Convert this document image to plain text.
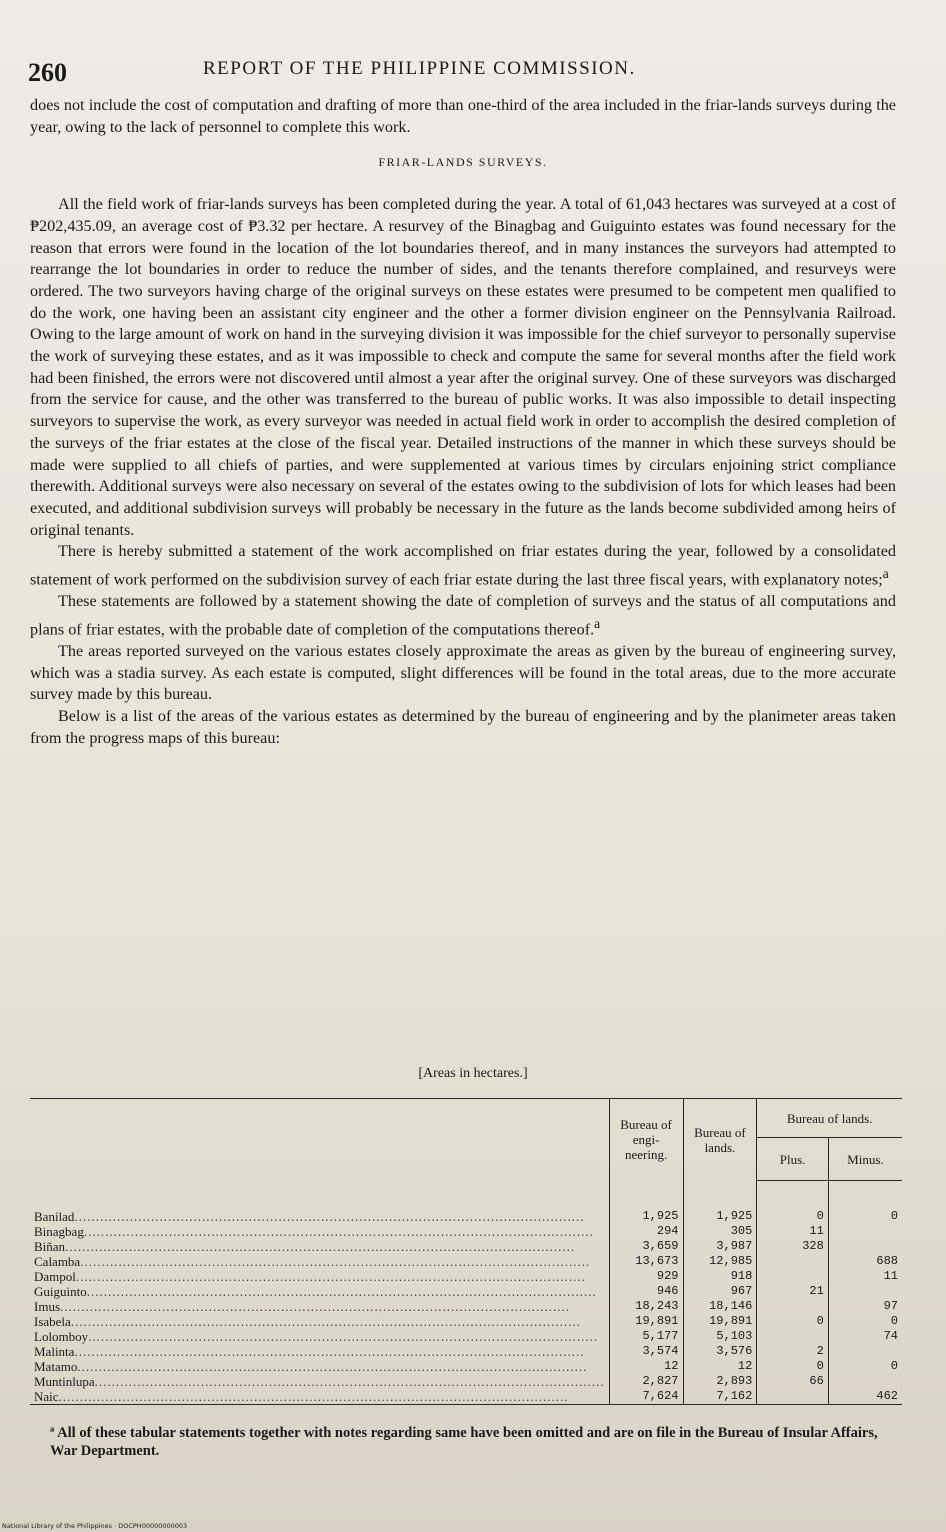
260	REPORT OF THE PHILIPPINE COMMISSION.

does not include the cost of computation and drafting of more than one-third of the area included in the friar-lands surveys during the year, owing to the lack of personnel to complete this work.

FRIAR-LANDS SURVEYS.

All the field work of friar-lands surveys has been completed during the year. A total of 61,043 hectares was surveyed at a cost of ₱202,435.09, an average cost of ₱3.32 per hectare. A resurvey of the Binagbag and Guiguinto estates was found necessary for the reason that errors were found in the location of the lot boundaries thereof, and in many instances the surveyors had attempted to rearrange the lot boundaries in order to reduce the number of sides, and the tenants therefore complained, and resurveys were ordered. The two surveyors having charge of the original surveys on these estates were presumed to be competent men qualified to do the work, one having been an assistant city engineer and the other a former division engineer on the Pennsylvania Railroad. Owing to the large amount of work on hand in the surveying division it was impossible for the chief surveyor to personally supervise the work of surveying these estates, and as it was impossible to check and compute the same for several months after the field work had been finished, the errors were not discovered until almost a year after the original survey. One of these surveyors was discharged from the service for cause, and the other was transferred to the bureau of public works. It was also impossible to detail inspecting surveyors to supervise the work, as every surveyor was needed in actual field work in order to accomplish the desired completion of the surveys of the friar estates at the close of the fiscal year. Detailed instructions of the manner in which these surveys should be made were supplied to all chiefs of parties, and were supplemented at various times by circulars enjoining strict compliance therewith. Additional surveys were also necessary on several of the estates owing to the subdivision of lots for which leases had been executed, and additional subdivision surveys will probably be necessary in the future as the lands become subdivided among heirs of original tenants.

There is hereby submitted a statement of the work accomplished on friar estates during the year, followed by a consolidated statement of work performed on the subdivision survey of each friar estate during the last three fiscal years, with explanatory notes;$^a$

These statements are followed by a statement showing the date of completion of surveys and the status of all computations and plans of friar estates, with the probable date of completion of the computations thereof.$^a$

The areas reported surveyed on the various estates closely approximate the areas as given by the bureau of engineering survey, which was a stadia survey. As each estate is computed, slight differences will be found in the total areas, due to the more accurate survey made by this bureau.

Below is a list of the areas of the various estates as determined by the bureau of engineering and by the planimeter areas taken from the progress maps of this bureau:

[Areas in hectares.]
	Bureau of engi- neering.	Bureau of lands.	Bureau of lands.	
			Plus.	Minus.

Banilad........................................................................................................................	1,925	1,925	0	0
Binagbag........................................................................................................................	294	305	11	
Biñan........................................................................................................................	3,659	3,987	328	
Calamba........................................................................................................................	13,673	12,985		688
Dampol........................................................................................................................	929	918		11
Guiguinto........................................................................................................................	946	967	21	
Imus........................................................................................................................	18,243	18,146		97
Isabela........................................................................................................................	19,891	19,891	0	0
Lolomboy........................................................................................................................	5,177	5,103		74
Malinta........................................................................................................................	3,574	3,576	2	
Matamo........................................................................................................................	12	12	0	0
Muntinlupa........................................................................................................................	2,827	2,893	66	
Naic........................................................................................................................	7,624	7,162		462
ª All of these tabular statements together with notes regarding same have been omitted and are on file in the Bureau of Insular Affairs, War Department.
National Library of the Philippines · DOCPH00000000003
